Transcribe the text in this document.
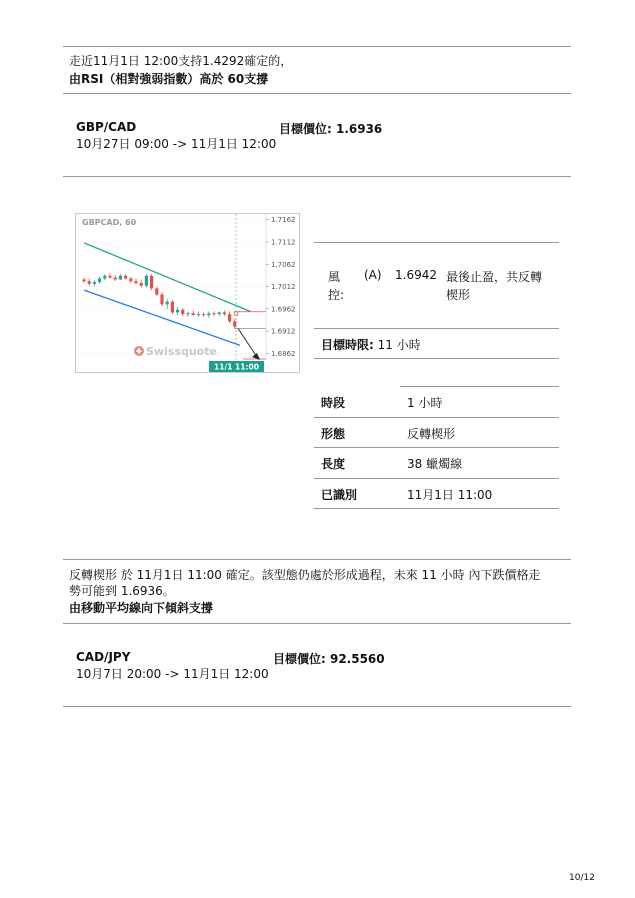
走近11月1日 12:00支持1.4292確定的，
由RSI（相對強弱指數）高於 60支撐
GBP/CAD
10月27日 09:00 -> 11月1日 12:00
目標價位: 1.6936
GBPCAD, 60	1.7162
1.7112
1.7062
1.7012
1.6962
1.6912
1.6862
Swissquote
11/1 11:00
風控:
(A) 1.6942 最後止盈，共反轉楔形
目標時限: 11 小時
時段	1 小時
形態	反轉楔形
長度	38 蠟燭線
已識別	11月1日 11:00
反轉楔形 於 11月1日 11:00 確定。該型態仍處於形成過程，未來 11 小時 內下跌價格走
勢可能到 1.6936。
由移動平均線向下傾斜支撐
CAD/JPY
10月7日 20:00 -> 11月1日 12:00
目標價位: 92.5560
10/12
